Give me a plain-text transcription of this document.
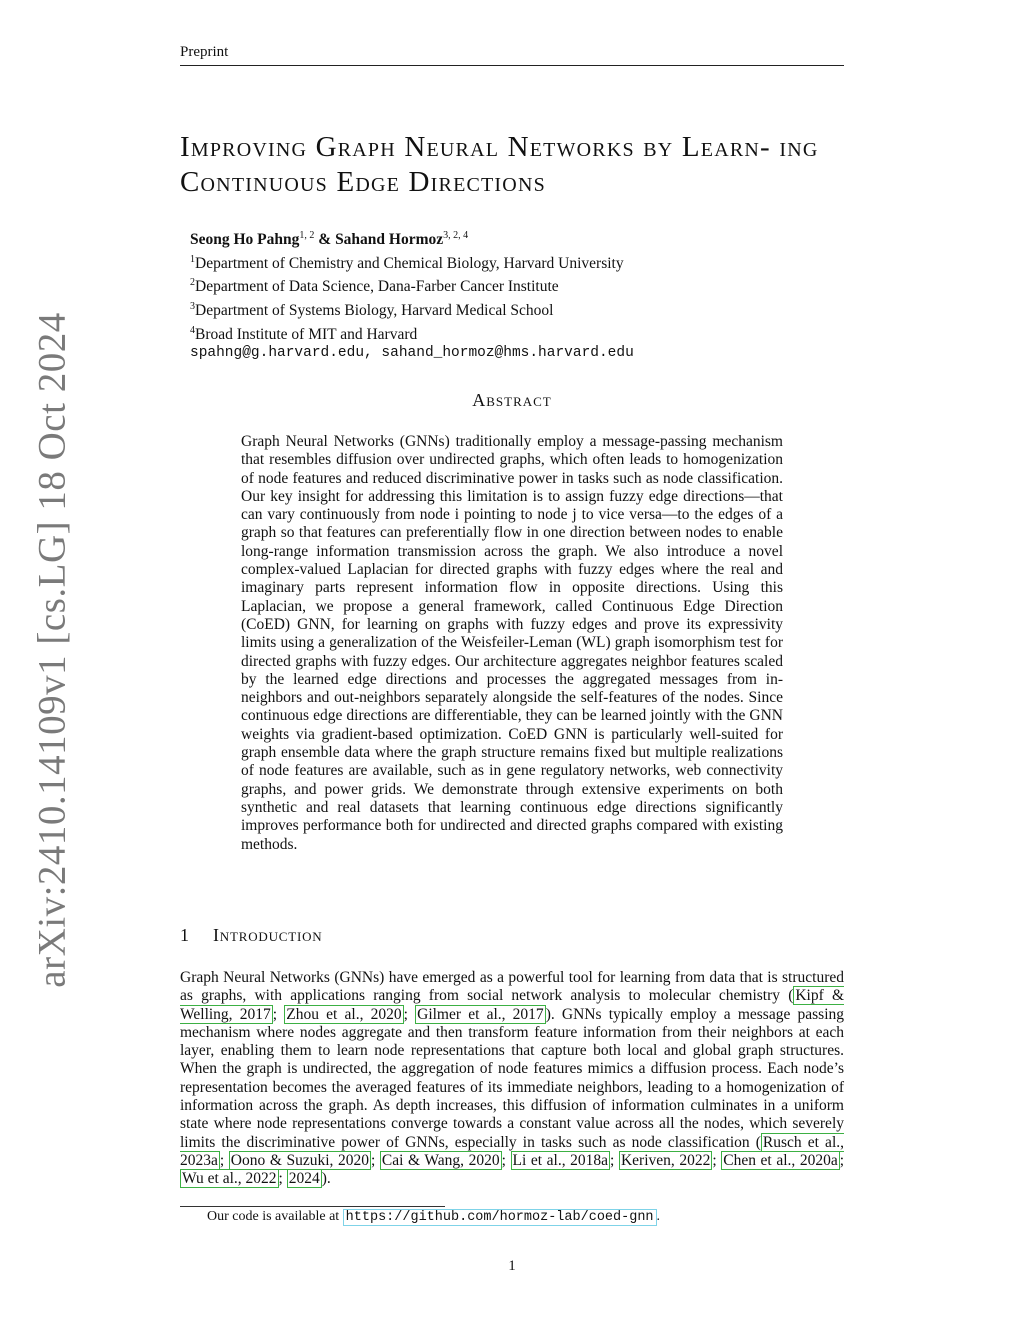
Preprint
arXiv:2410.14109v1 [cs.LG] 18 Oct 2024
Improving Graph Neural Networks by Learn- ing Continuous Edge Directions
Seong Ho Pahng$^{1, 2}$ & Sahand Hormoz$^{3, 2, 4}$
$^1$Department of Chemistry and Chemical Biology, Harvard University
$^2$Department of Data Science, Dana-Farber Cancer Institute
$^3$Department of Systems Biology, Harvard Medical School
$^4$Broad Institute of MIT and Harvard
spahng@g.harvard.edu, sahand_hormoz@hms.harvard.edu
Abstract
Graph Neural Networks (GNNs) traditionally employ a message-passing mechanism that resembles diffusion over undirected graphs, which often leads to homogenization of node features and reduced discriminative power in tasks such as node classification. Our key insight for addressing this limitation is to assign fuzzy edge directions—that can vary continuously from node i pointing to node j to vice versa—to the edges of a graph so that features can preferentially flow in one direction between nodes to enable long-range information transmission across the graph. We also introduce a novel complex-valued Laplacian for directed graphs with fuzzy edges where the real and imaginary parts represent information flow in opposite directions. Using this Laplacian, we propose a general framework, called Continuous Edge Direction (CoED) GNN, for learning on graphs with fuzzy edges and prove its expressivity limits using a generalization of the Weisfeiler-Leman (WL) graph isomorphism test for directed graphs with fuzzy edges. Our architecture aggregates neighbor features scaled by the learned edge directions and processes the aggregated messages from in-neighbors and out-neighbors separately alongside the self-features of the nodes. Since continuous edge directions are differentiable, they can be learned jointly with the GNN weights via gradient-based optimization. CoED GNN is particularly well-suited for graph ensemble data where the graph structure remains fixed but multiple realizations of node features are available, such as in gene regulatory networks, web connectivity graphs, and power grids. We demonstrate through extensive experiments on both synthetic and real datasets that learning continuous edge directions significantly improves performance both for undirected and directed graphs compared with existing methods.
1 Introduction
Graph Neural Networks (GNNs) have emerged as a powerful tool for learning from data that is structured as graphs, with applications ranging from social network analysis to molecular chemistry ( Kipf & Welling, 2017 ; Zhou et al., 2020 ; Gilmer et al., 2017 ). GNNs typically employ a message passing mechanism where nodes aggregate and then transform feature information from their neighbors at each layer, enabling them to learn node representations that capture both local and global graph structures. When the graph is undirected, the aggregation of node features mimics a diffusion process. Each node’s representation becomes the averaged features of its immediate neighbors, leading to a homogenization of information across the graph. As depth increases, this diffusion of information culminates in a uniform state where node representations converge towards a constant value across all the nodes, which severely limits the discriminative power of GNNs, especially in tasks such as node classification ( Rusch et al., 2023a ; Oono & Suzuki, 2020 ; Cai & Wang, 2020 ; Li et al., 2018a ; Keriven, 2022 ; Chen et al., 2020a ; Wu et al., 2022 ; 2024 ).
Our code is available at https://github.com/hormoz-lab/coed-gnn .
1
